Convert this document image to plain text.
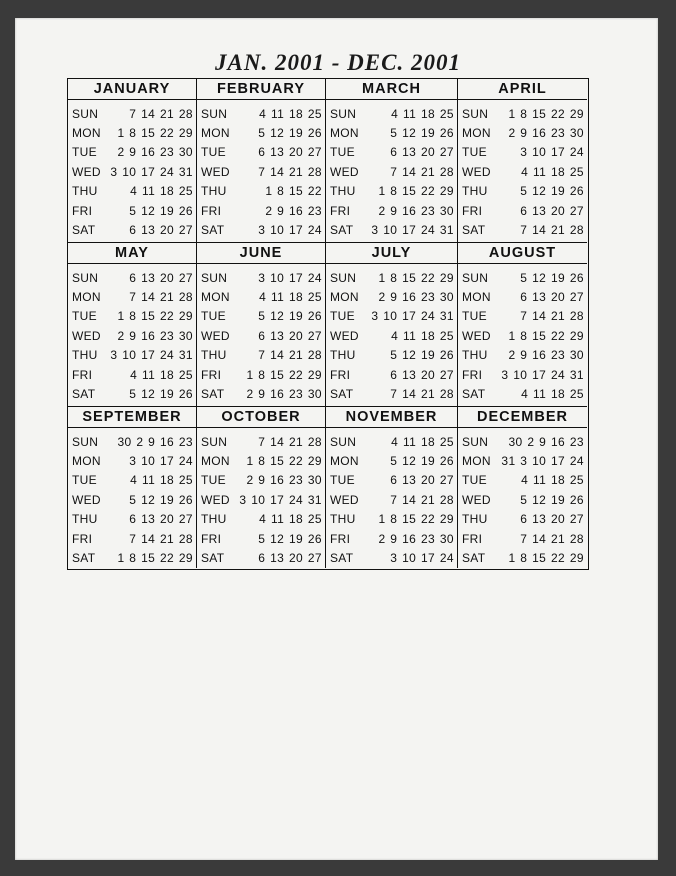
JAN. 2001 - DEC. 2001
JANUARY
SUN	7 14 21 28
MON	1 8 15 22 29
TUE	2 9 16 23 30
WED 3 10 17 24 31
THU	4 11 18 25
FRI	5 12 19 26
SAT	6 13 20 27
FEBRUARY
SUN	4 11 18 25
MON	5 12 19 26
TUE	6 13 20 27
WED	7 14 21 28
THU	1 8 15 22
FRI	2 9 16 23
SAT	3 10 17 24
MARCH
SUN	4 11 18 25
MON	5 12 19 26
TUE	6 13 20 27
WED	7 14 21 28
THU	1 8 15 22 29
FRI	2 9 16 23 30
SAT	3 10 17 24 31
APRIL
SUN	1 8 15 22 29
MON	2 9 16 23 30
TUE	3 10 17 24
WED	4 11 18 25
THU	5 12 19 26
FRI	6 13 20 27
SAT	7 14 21 28
MAY
SUN	6 13 20 27
MON	7 14 21 28
TUE	1 8 15 22 29
WED	2 9 16 23 30
THU	3 10 17 24 31
FRI	4 11 18 25
SAT	5 12 19 26
JUNE
SUN	3 10 17 24
MON	4 11 18 25
TUE	5 12 19 26
WED	6 13 20 27
THU	7 14 21 28
FRI	1 8 15 22 29
SAT	2 9 16 23 30
JULY
SUN	1 8 15 22 29
MON	2 9 16 23 30
TUE	3 10 17 24 31
WED	4 11 18 25
THU	5 12 19 26
FRI	6 13 20 27
SAT	7 14 21 28
AUGUST
SUN	5 12 19 26
MON	6 13 20 27
TUE	7 14 21 28
WED	1 8 15 22 29
THU	2 9 16 23 30
FRI	3 10 17 24 31
SAT	4 11 18 25
SEPTEMBER
SUN	30 2 9 16 23
MON	3 10 17 24
TUE	4 11 18 25
WED	5 12 19 26
THU	6 13 20 27
FRI	7 14 21 28
SAT	1 8 15 22 29
OCTOBER
SUN	7 14 21 28
MON	1 8 15 22 29
TUE	2 9 16 23 30
WED 3 10 17 24 31
THU	4 11 18 25
FRI	5 12 19 26
SAT	6 13 20 27
NOVEMBER
SUN	4 11 18 25
MON	5 12 19 26
TUE	6 13 20 27
WED	7 14 21 28
THU	1 8 15 22 29
FRI	2 9 16 23 30
SAT	3 10 17 24
DECEMBER
SUN	30 2 9 16 23
MON 31 3 10 17 24
TUE	4 11 18 25
WED	5 12 19 26
THU	6 13 20 27
FRI	7 14 21 28
SAT	1 8 15 22 29
